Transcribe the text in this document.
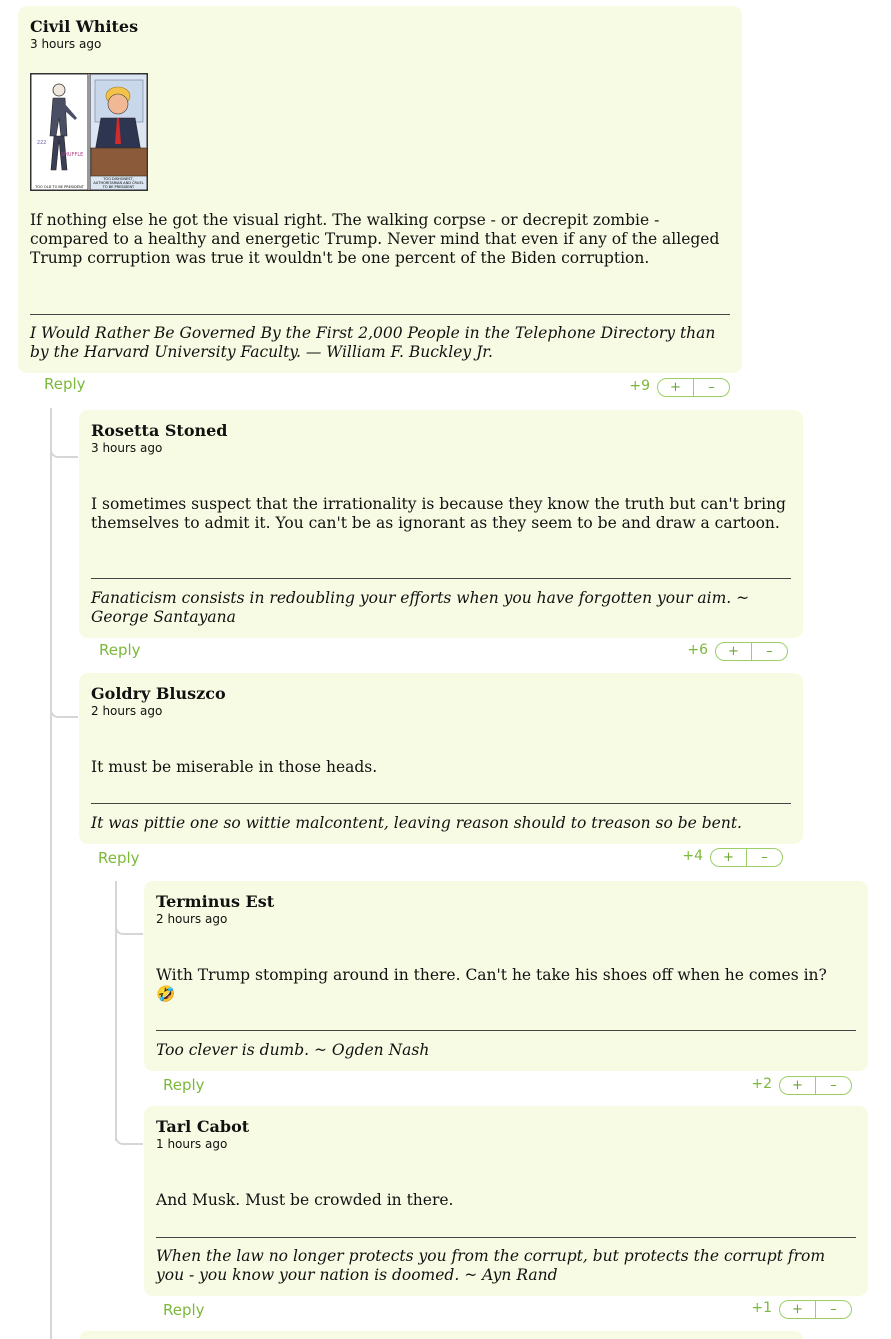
Civil Whites
3 hours ago
zzz
SHUFFLE
TOO OLD TO BE PRESIDENT
TOO DISHONEST, AUTHORITARIAN AND CRUEL TO BE PRESIDENT

If nothing else he got the visual right. The walking corpse - or decrepit zombie - compared to a healthy and energetic Trump. Never mind that even if any of the alleged Trump corruption was true it wouldn't be one percent of the Biden corruption.

I Would Rather Be Governed By the First 2,000 People in the Telephone Directory than by the Harvard University Faculty. — William F. Buckley Jr.

Reply	+9	+	–
Rosetta Stoned
3 hours ago

I sometimes suspect that the irrationality is because they know the truth but can't bring themselves to admit it. You can't be as ignorant as they seem to be and draw a cartoon.

Fanaticism consists in redoubling your efforts when you have forgotten your aim. ~ George Santayana

Reply	+6	+	–
Goldry Bluszco
2 hours ago

It must be miserable in those heads.

It was pittie one so wittie malcontent, leaving reason should to treason so be bent.

Reply	+4	+	–
Terminus Est
2 hours ago

With Trump stomping around in there. Can't he take his shoes off when he comes in?
🤣

Too clever is dumb. ~ Ogden Nash

Reply	+2	+	–
Tarl Cabot
1 hours ago

And Musk. Must be crowded in there.

When the law no longer protects you from the corrupt, but protects the corrupt from you - you know your nation is doomed. ~ Ayn Rand

Reply	+1	+	–
